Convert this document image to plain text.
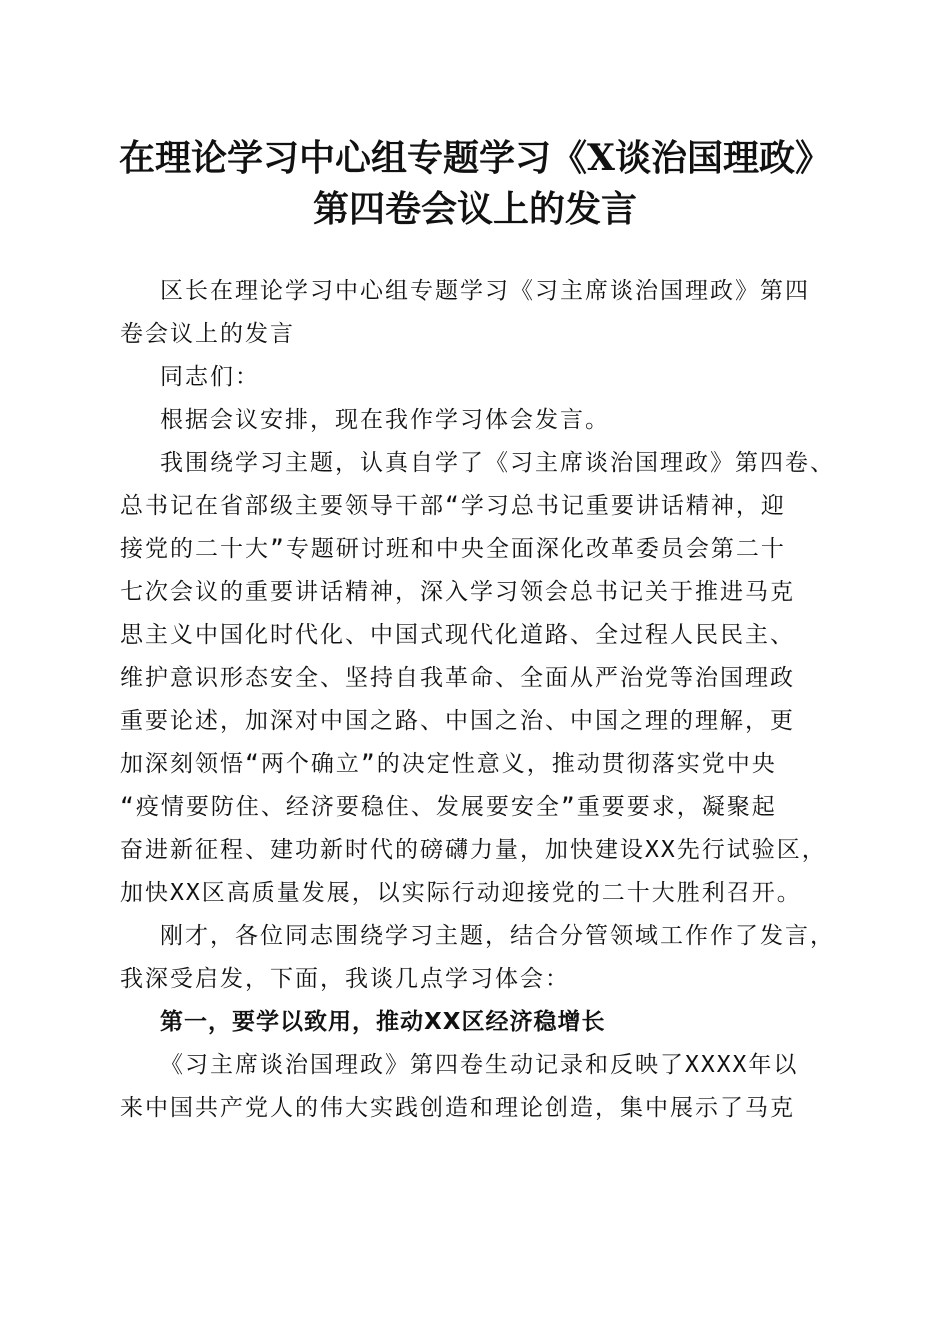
在理论学习中心组专题学习《X谈治国理政》
第四卷会议上的发言
区长在理论学习中心组专题学习《习主席谈治国理政》第四
卷会议上的发言
同志们：
根据会议安排，现在我作学习体会发言。
我围绕学习主题，认真自学了《习主席谈治国理政》第四卷、
总书记在省部级主要领导干部“学习总书记重要讲话精神，迎
接党的二十大”专题研讨班和中央全面深化改革委员会第二十
七次会议的重要讲话精神，深入学习领会总书记关于推进马克
思主义中国化时代化、中国式现代化道路、全过程人民民主、
维护意识形态安全、坚持自我革命、全面从严治党等治国理政
重要论述，加深对中国之路、中国之治、中国之理的理解，更
加深刻领悟“两个确立”的决定性意义，推动贯彻落实党中央
“疫情要防住、经济要稳住、发展要安全”重要要求，凝聚起
奋进新征程、建功新时代的磅礴力量，加快建设XX先行试验区，
加快XX区高质量发展，以实际行动迎接党的二十大胜利召开。
刚才，各位同志围绕学习主题，结合分管领域工作作了发言，
我深受启发，下面，我谈几点学习体会：
第一，要学以致用，推动XX区经济稳增长
《习主席谈治国理政》第四卷生动记录和反映了XXXX年以
来中国共产党人的伟大实践创造和理论创造，集中展示了马克
